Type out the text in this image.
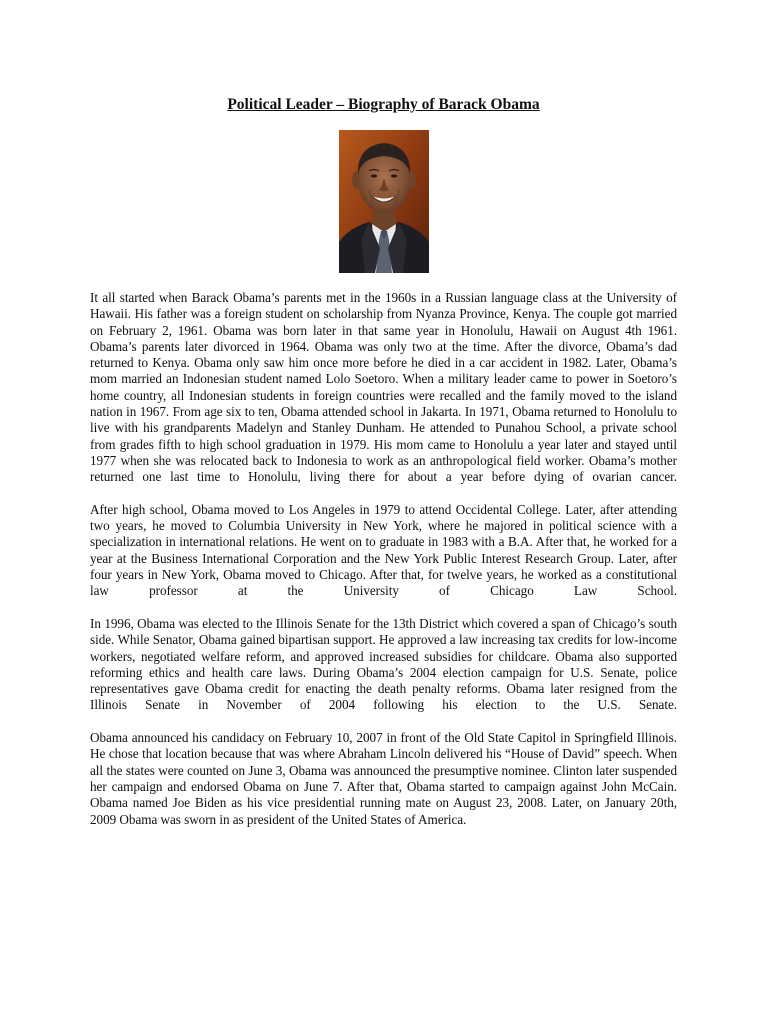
Political Leader – Biography of Barack Obama

It all started when Barack Obama’s parents met in the 1960s in a Russian language class at the University of Hawaii. His father was a foreign student on scholarship from Nyanza Province, Kenya. The couple got married on February 2, 1961. Obama was born later in that same year in Honolulu, Hawaii on August 4th 1961. Obama’s parents later divorced in 1964. Obama was only two at the time. After the divorce, Obama’s dad returned to Kenya. Obama only saw him once more before he died in a car accident in 1982. Later, Obama’s mom married an Indonesian student named Lolo Soetoro. When a military leader came to power in Soetoro’s home country, all Indonesian students in foreign countries were recalled and the family moved to the island nation in 1967. From age six to ten, Obama attended school in Jakarta. In 1971, Obama returned to Honolulu to live with his grandparents Madelyn and Stanley Dunham. He attended to Punahou School, a private school from grades fifth to high school graduation in 1979. His mom came to Honolulu a year later and stayed until 1977 when she was relocated back to Indonesia to work as an anthropological field worker. Obama’s mother returned one last time to Honolulu, living there for about a year before dying of ovarian cancer.

After high school, Obama moved to Los Angeles in 1979 to attend Occidental College. Later, after attending two years, he moved to Columbia University in New York, where he majored in political science with a specialization in international relations. He went on to graduate in 1983 with a B.A. After that, he worked for a year at the Business International Corporation and the New York Public Interest Research Group. Later, after four years in New York, Obama moved to Chicago. After that, for twelve years, he worked as a constitutional law professor at the University of Chicago Law School.

In 1996, Obama was elected to the Illinois Senate for the 13th District which covered a span of Chicago’s south side. While Senator, Obama gained bipartisan support. He approved a law increasing tax credits for low-income workers, negotiated welfare reform, and approved increased subsidies for childcare. Obama also supported reforming ethics and health care laws. During Obama’s 2004 election campaign for U.S. Senate, police representatives gave Obama credit for enacting the death penalty reforms. Obama later resigned from the Illinois Senate in November of 2004 following his election to the U.S. Senate.

Obama announced his candidacy on February 10, 2007 in front of the Old State Capitol in Springfield Illinois. He chose that location because that was where Abraham Lincoln delivered his “House of David” speech. When all the states were counted on June 3, Obama was announced the presumptive nominee. Clinton later suspended her campaign and endorsed Obama on June 7. After that, Obama started to campaign against John McCain. Obama named Joe Biden as his vice presidential running mate on August 23, 2008. Later, on January 20th, 2009 Obama was sworn in as president of the United States of America.
